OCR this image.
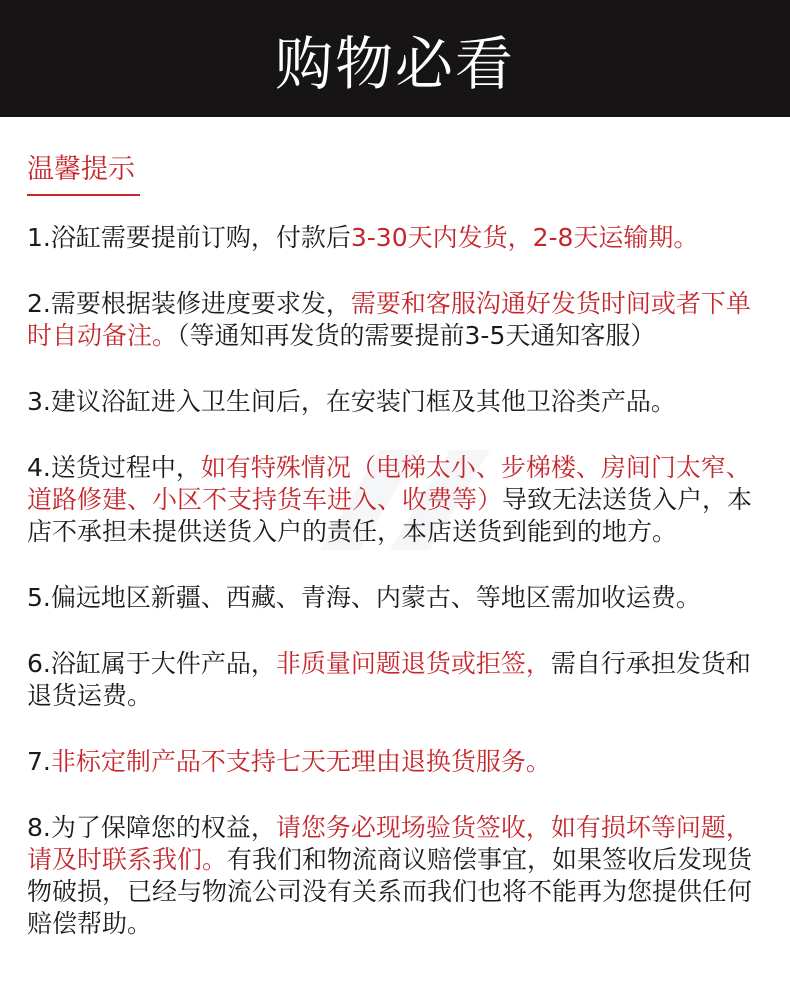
购物必看
温馨提示

1.浴缸需要提前订购，付款后3-30天内发货，2-8天运输期。

2.需要根据装修进度要求发，需要和客服沟通好发货时间或者下单时自动备注。（等通知再发货的需要提前3-5天通知客服）

3.建议浴缸进入卫生间后，在安装门框及其他卫浴类产品。

4.送货过程中，如有特殊情况（电梯太小、步梯楼、房间门太窄、道路修建、小区不支持货车进入、收费等）导致无法送货入户，本店不承担未提供送货入户的责任，本店送货到能到的地方。

5.偏远地区新疆、西藏、青海、内蒙古、等地区需加收运费。

6.浴缸属于大件产品，非质量问题退货或拒签，需自行承担发货和退货运费。

7.非标定制产品不支持七天无理由退换货服务。

8.为了保障您的权益，请您务必现场验货签收，如有损坏等问题，请及时联系我们。有我们和物流商议赔偿事宜，如果签收后发现货物破损，已经与物流公司没有关系而我们也将不能再为您提供任何赔偿帮助。
